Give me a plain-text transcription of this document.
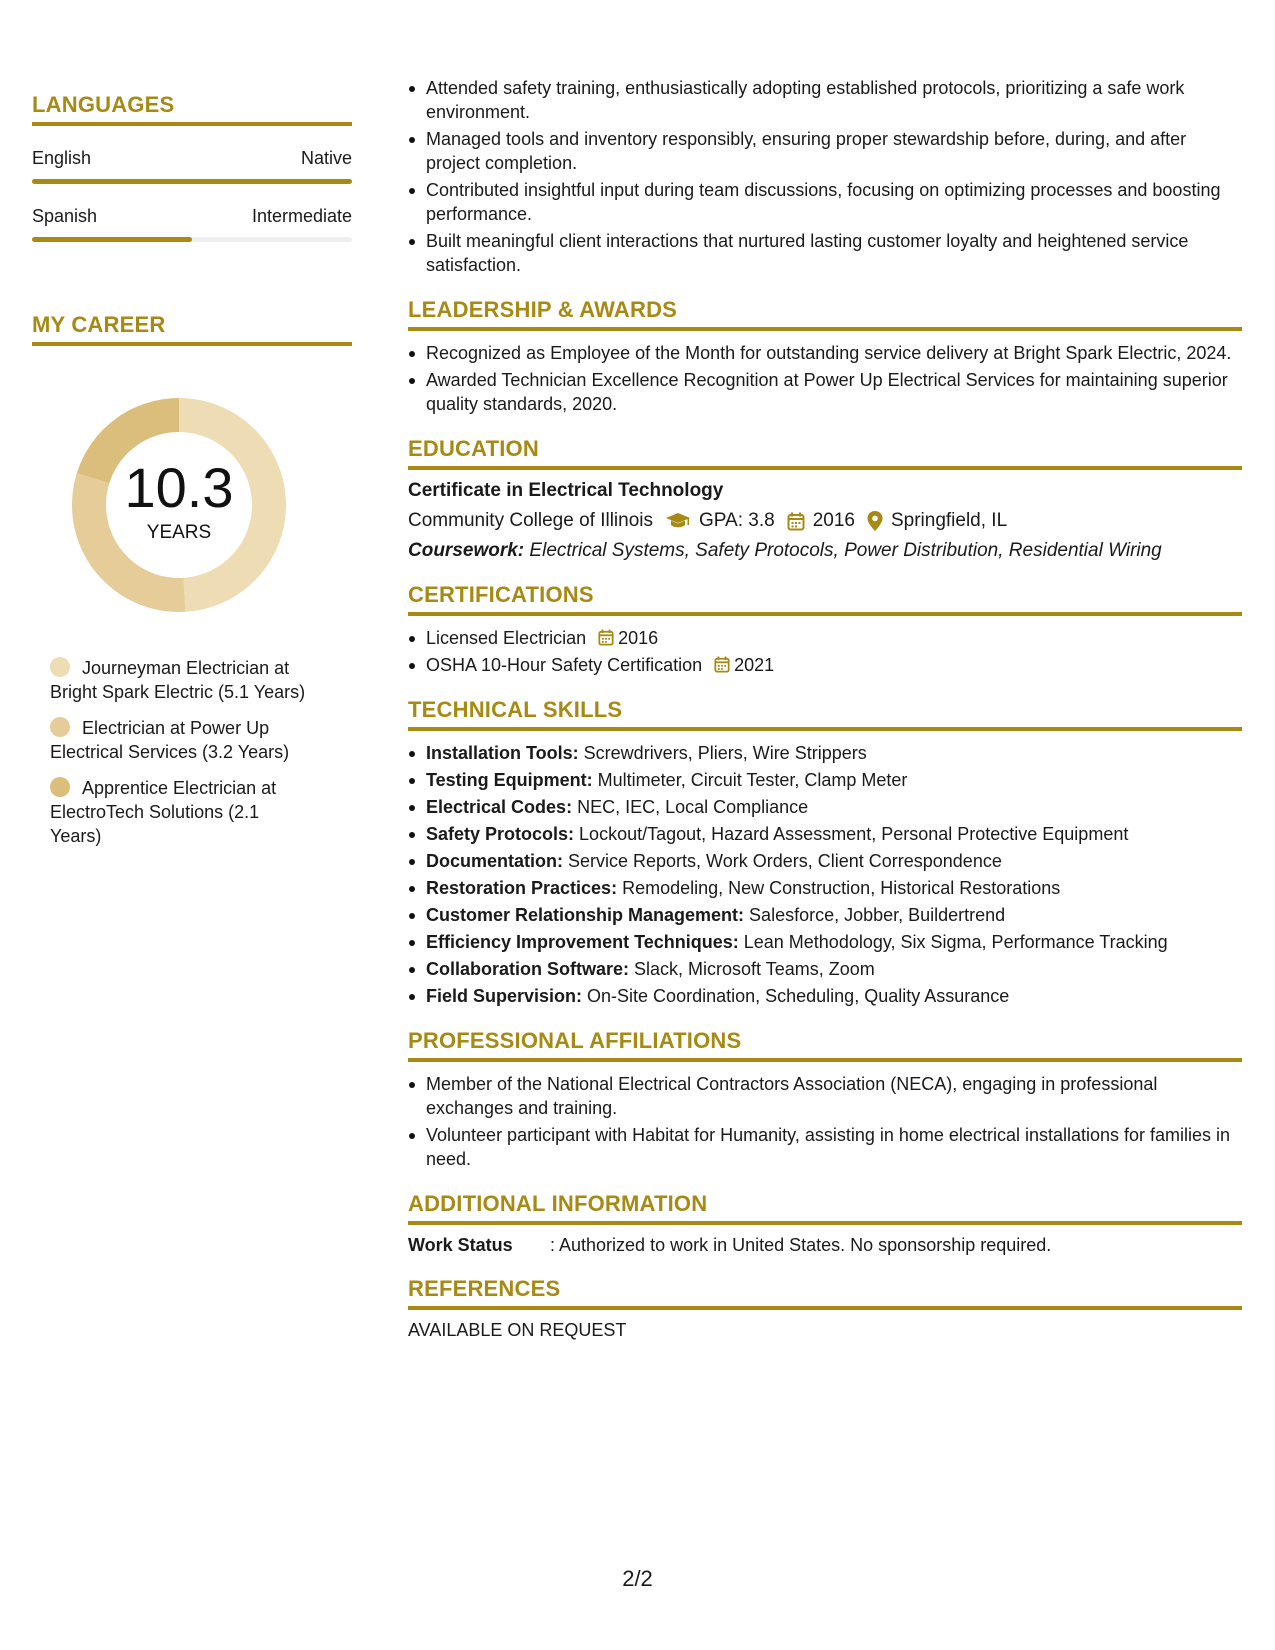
LANGUAGES
English	Native
Spanish	Intermediate
MY CAREER
10.3
YEARS
Journeyman Electrician at Bright Spark Electric (5.1 Years)
Electrician at Power Up Electrical Services (3.2 Years)
Apprentice Electrician at ElectroTech Solutions (2.1 Years)
Attended safety training, enthusiastically adopting established protocols, prioritizing a safe work environment.
Managed tools and inventory responsibly, ensuring proper stewardship before, during, and after project completion.
Contributed insightful input during team discussions, focusing on optimizing processes and boosting performance.
Built meaningful client interactions that nurtured lasting customer loyalty and heightened service satisfaction.
LEADERSHIP & AWARDS
Recognized as Employee of the Month for outstanding service delivery at Bright Spark Electric, 2024.
Awarded Technician Excellence Recognition at Power Up Electrical Services for maintaining superior quality standards, 2020.
EDUCATION
Certificate in Electrical Technology
Community College of Illinois GPA: 3.8 2016 Springfield, IL
Coursework: Electrical Systems, Safety Protocols, Power Distribution, Residential Wiring
CERTIFICATIONS
Licensed Electrician 2016
OSHA 10-Hour Safety Certification 2021
TECHNICAL SKILLS
Installation Tools: Screwdrivers, Pliers, Wire Strippers
Testing Equipment: Multimeter, Circuit Tester, Clamp Meter
Electrical Codes: NEC, IEC, Local Compliance
Safety Protocols: Lockout/Tagout, Hazard Assessment, Personal Protective Equipment
Documentation: Service Reports, Work Orders, Client Correspondence
Restoration Practices: Remodeling, New Construction, Historical Restorations
Customer Relationship Management: Salesforce, Jobber, Buildertrend
Efficiency Improvement Techniques: Lean Methodology, Six Sigma, Performance Tracking
Collaboration Software: Slack, Microsoft Teams, Zoom
Field Supervision: On-Site Coordination, Scheduling, Quality Assurance
PROFESSIONAL AFFILIATIONS
Member of the National Electrical Contractors Association (NECA), engaging in professional exchanges and training.
Volunteer participant with Habitat for Humanity, assisting in home electrical installations for families in need.
ADDITIONAL INFORMATION
Work Status	: Authorized to work in United States. No sponsorship required.
REFERENCES
AVAILABLE ON REQUEST
2/2
